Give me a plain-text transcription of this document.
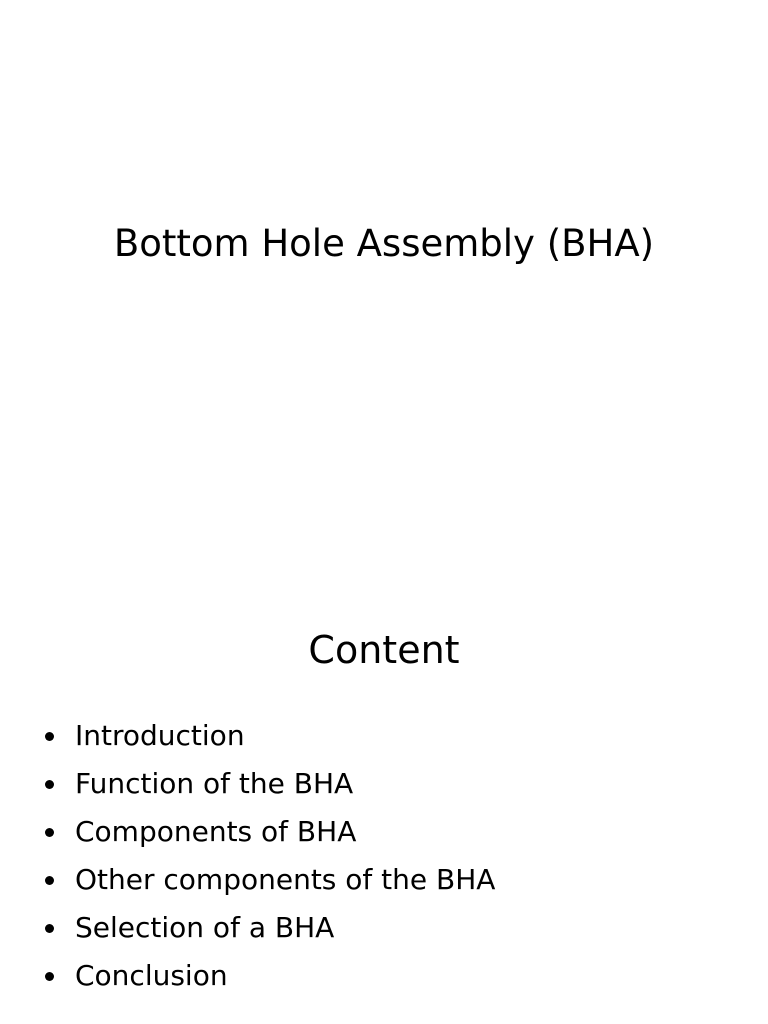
Bottom Hole Assembly (BHA)
Content
Introduction
Function of the BHA
Components of BHA
Other components of the BHA
Selection of a BHA
Conclusion
